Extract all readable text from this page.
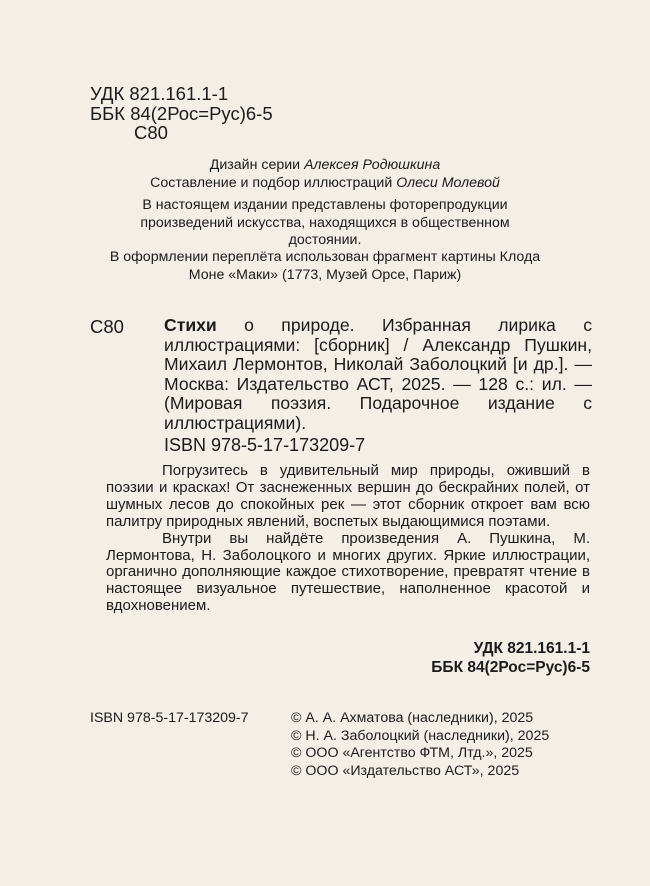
УДК 821.161.1-1
ББК 84(2Рос=Рус)6-5
С80

Дизайн серии Алексея Родюшкина

Составление и подбор иллюстраций Олеси Молевой

В настоящем издании представлены фоторепродукции произведений искусства, находящихся в общественном достоянии.

В оформлении переплёта использован фрагмент картины Клода Моне «Маки» (1773, Музей Орсе, Париж)

С80 Стихи о природе. Избранная лирика с иллюстрациями: [сборник] / Александр Пушкин, Михаил Лермонтов, Николай Заболоцкий [и др.]. — Москва: Издательство АСТ, 2025. — 128 с.: ил. — (Мировая поэзия. Подарочное издание с иллюстрациями).
ISBN 978-5-17-173209-7

Погрузитесь в удивительный мир природы, оживший в поэзии и красках! От заснеженных вершин до бескрайних полей, от шумных лесов до спокойных рек — этот сборник откроет вам всю палитру природных явлений, воспетых выдающимися поэтами.

Внутри вы найдёте произведения А. Пушкина, М. Лермонтова, Н. Заболоцкого и многих других. Яркие иллюстрации, органично дополняющие каждое стихотворение, превратят чтение в настоящее визуальное путешествие, наполненное красотой и вдохновением.

УДК 821.161.1-1
ББК 84(2Рос=Рус)6-5
ISBN 978-5-17-173209-7	© А. А. Ахматова (наследники), 2025
© Н. А. Заболоцкий (наследники), 2025
© ООО «Агентство ФТМ, Лтд.», 2025
© ООО «Издательство АСТ», 2025
